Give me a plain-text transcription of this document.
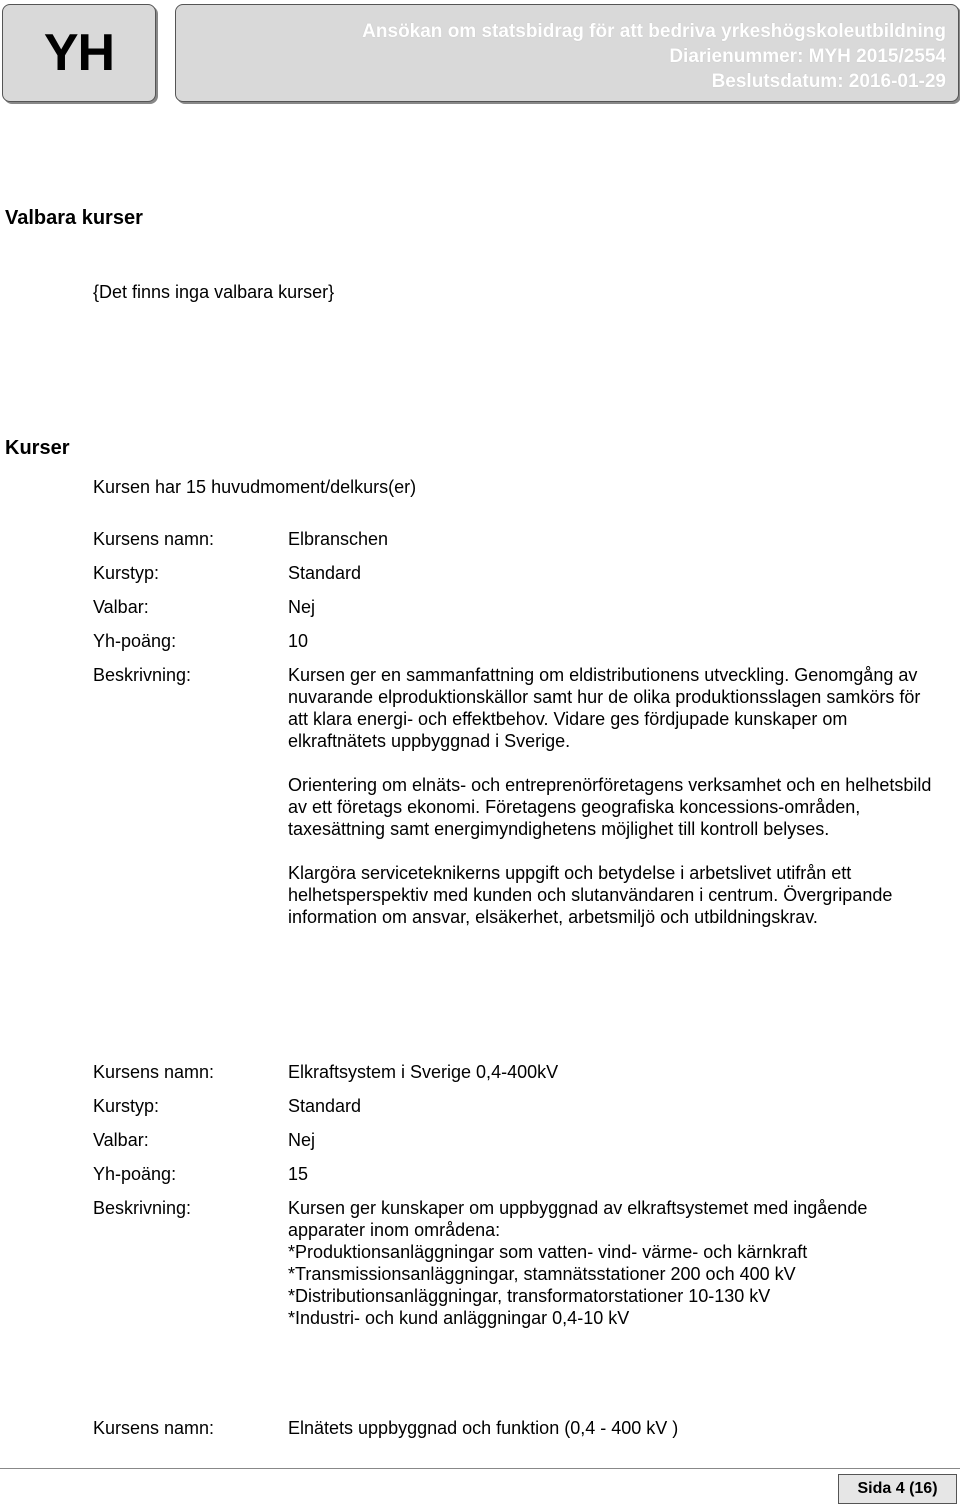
YH	Ansökan om statsbidrag för att bedriva yrkeshögskoleutbildning
Diarienummer: MYH 2015/2554
Beslutsdatum: 2016-01-29
Valbara kurser
{Det finns inga valbara kurser}
Kurser
Kursen har 15 huvudmoment/delkurs(er)
Kursens namn:	Elbranschen
Kurstyp:	Standard
Valbar:	Nej
Yh-poäng:	10
Beskrivning:	Kursen ger en sammanfattning om eldistributionens utveckling. Genomgång av nuvarande elproduktionskällor samt hur de olika produktionsslagen samkörs för att klara energi- och effektbehov. Vidare ges fördjupade kunskaper om elkraftnätets uppbyggnad i Sverige.

Orientering om elnäts- och entreprenörföretagens verksamhet och en helhetsbild av ett företags ekonomi. Företagens geografiska koncessions-områden, taxesättning samt energimyndighetens möjlighet till kontroll belyses.

Klargöra serviceteknikerns uppgift och betydelse i arbetslivet utifrån ett helhetsperspektiv med kunden och slutanvändaren i centrum. Övergripande information om ansvar, elsäkerhet, arbetsmiljö och utbildningskrav.

Kursens namn:	Elkraftsystem i Sverige 0,4-400kV
Kurstyp:	Standard
Valbar:	Nej
Yh-poäng:	15
Beskrivning:	Kursen ger kunskaper om uppbyggnad av elkraftsystemet med ingående apparater inom områdena:

*Produktionsanläggningar som vatten- vind- värme- och kärnkraft

*Transmissionsanläggningar, stamnätsstationer 200 och 400 kV

*Distributionsanläggningar, transformatorstationer 10-130 kV

*Industri- och kund anläggningar 0,4-10 kV

Kursens namn:	Elnätets uppbyggnad och funktion (0,4 - 400 kV )
Sida 4 (16)
